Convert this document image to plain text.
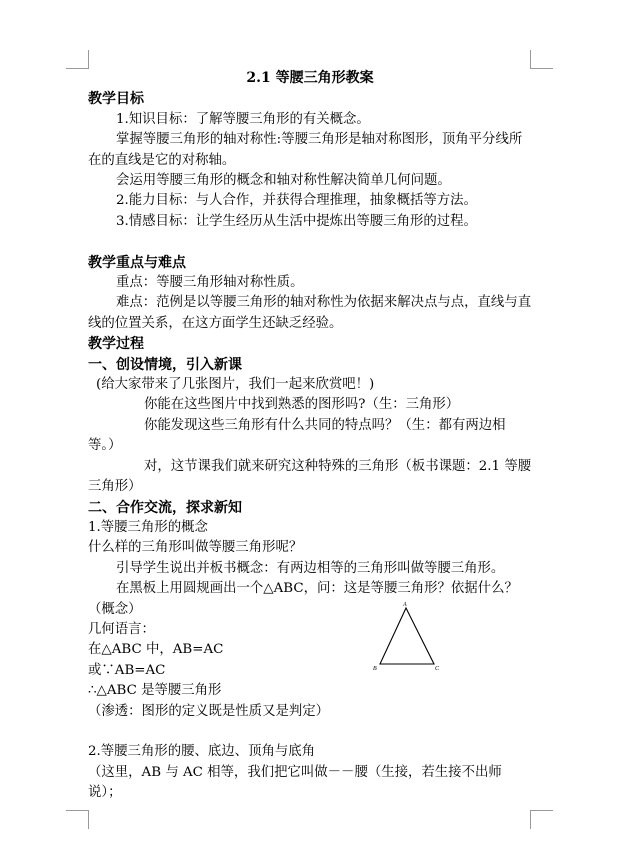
2.1 等腰三角形教案

教学目标

1.知识目标：了解等腰三角形的有关概念。

掌握等腰三角形的轴对称性:等腰三角形是轴对称图形，顶角平分线所在的直线是它的对称轴。

会运用等腰三角形的概念和轴对称性解决简单几何问题。

2.能力目标：与人合作，并获得合理推理，抽象概括等方法。

3.情感目标：让学生经历从生活中提炼出等腰三角形的过程。

教学重点与难点

重点：等腰三角形轴对称性质。

难点：范例是以等腰三角形的轴对称性为依据来解决点与点，直线与直线的位置关系，在这方面学生还缺乏经验。

教学过程

一、创设情境，引入新课

(给大家带来了几张图片，我们一起来欣赏吧！)

你能在这些图片中找到熟悉的图形吗?（生：三角形）

你能发现这些三角形有什么共同的特点吗？（生：都有两边相等。）

对，这节课我们就来研究这种特殊的三角形（板书课题：2.1 等腰三角形）

二、合作交流，探求新知

1.等腰三角形的概念

什么样的三角形叫做等腰三角形呢？

引导学生说出并板书概念：有两边相等的三角形叫做等腰三角形。

在黑板上用圆规画出一个△ABC，问：这是等腰三角形？依据什么？（概念）

几何语言：

在△ABC 中，AB=AC

或∵AB=AC

∴△ABC 是等腰三角形

（渗透：图形的定义既是性质又是判定）

2.等腰三角形的腰、底边、顶角与底角

（这里，AB 与 AC 相等，我们把它叫做－－腰（生接，若生接不出师说）；

A
B	C
